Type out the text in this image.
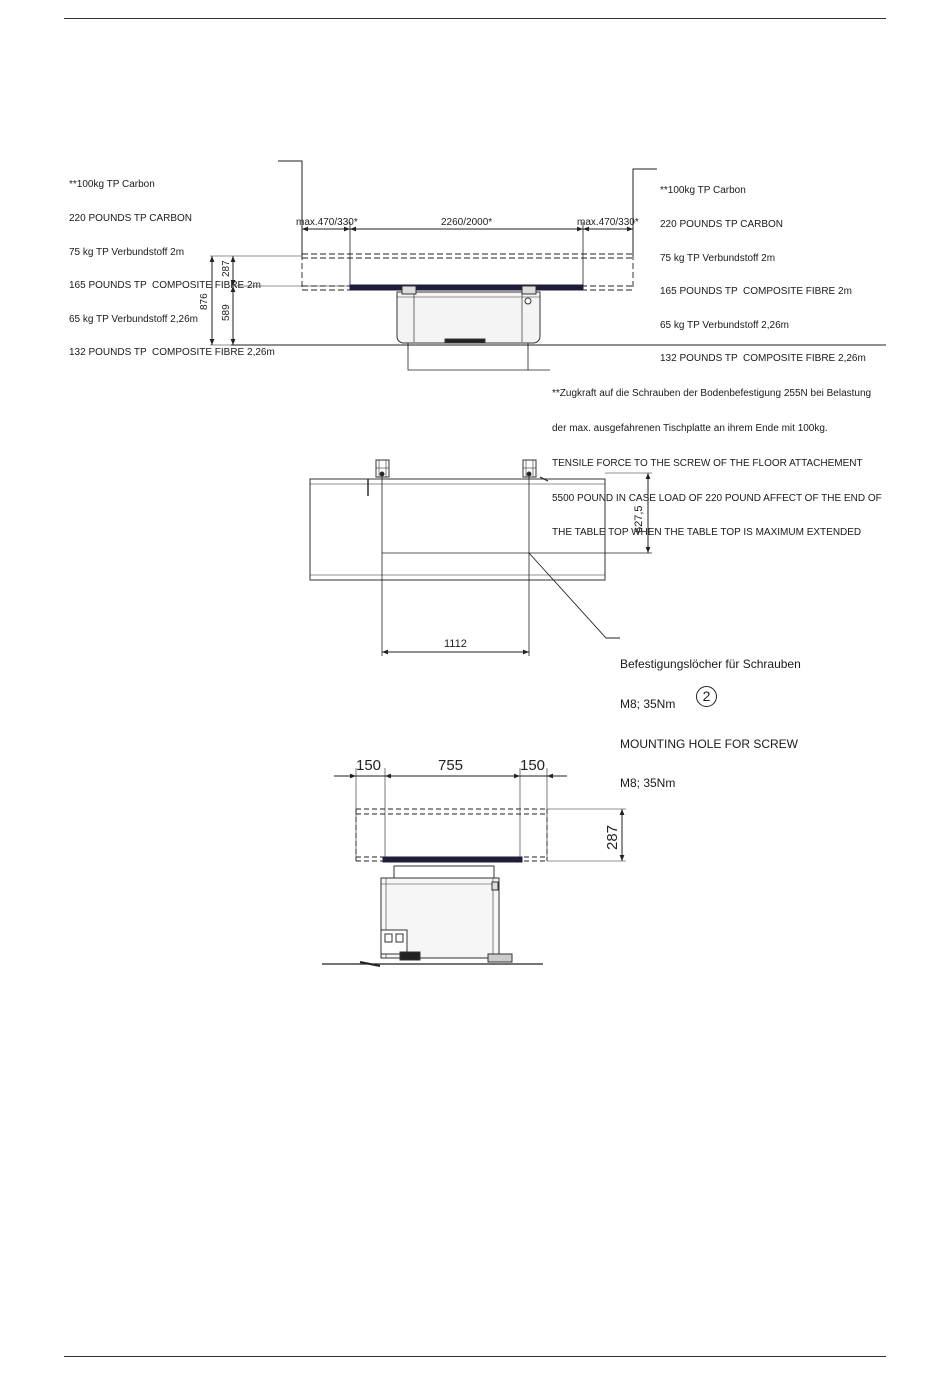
**100kg TP Carbon

220 POUNDS TP CARBON

75 kg TP Verbundstoff 2m

165 POUNDS TP  COMPOSITE FIBRE 2m

65 kg TP Verbundstoff 2,26m

132 POUNDS TP  COMPOSITE FIBRE 2,26m

**100kg TP Carbon

220 POUNDS TP CARBON

75 kg TP Verbundstoff 2m

165 POUNDS TP  COMPOSITE FIBRE 2m

65 kg TP Verbundstoff 2,26m

132 POUNDS TP  COMPOSITE FIBRE 2,26m

**Zugkraft auf die Schrauben der Bodenbefestigung 255N bei Belastung

der max. ausgefahrenen Tischplatte an ihrem Ende mit 100kg.

TENSILE FORCE TO THE SCREW OF THE FLOOR ATTACHEMENT

5500 POUND IN CASE LOAD OF 220 POUND AFFECT OF THE END OF

THE TABLE TOP WHEN THE TABLE TOP IS MAXIMUM EXTENDED

Befestigungslöcher für Schrauben

M8; 35Nm

MOUNTING HOLE FOR SCREW

M8; 35Nm

2
max.470/330*	2260/2000*	max.470/330*
876
287
589
1112
627,5
150	755	150
287
